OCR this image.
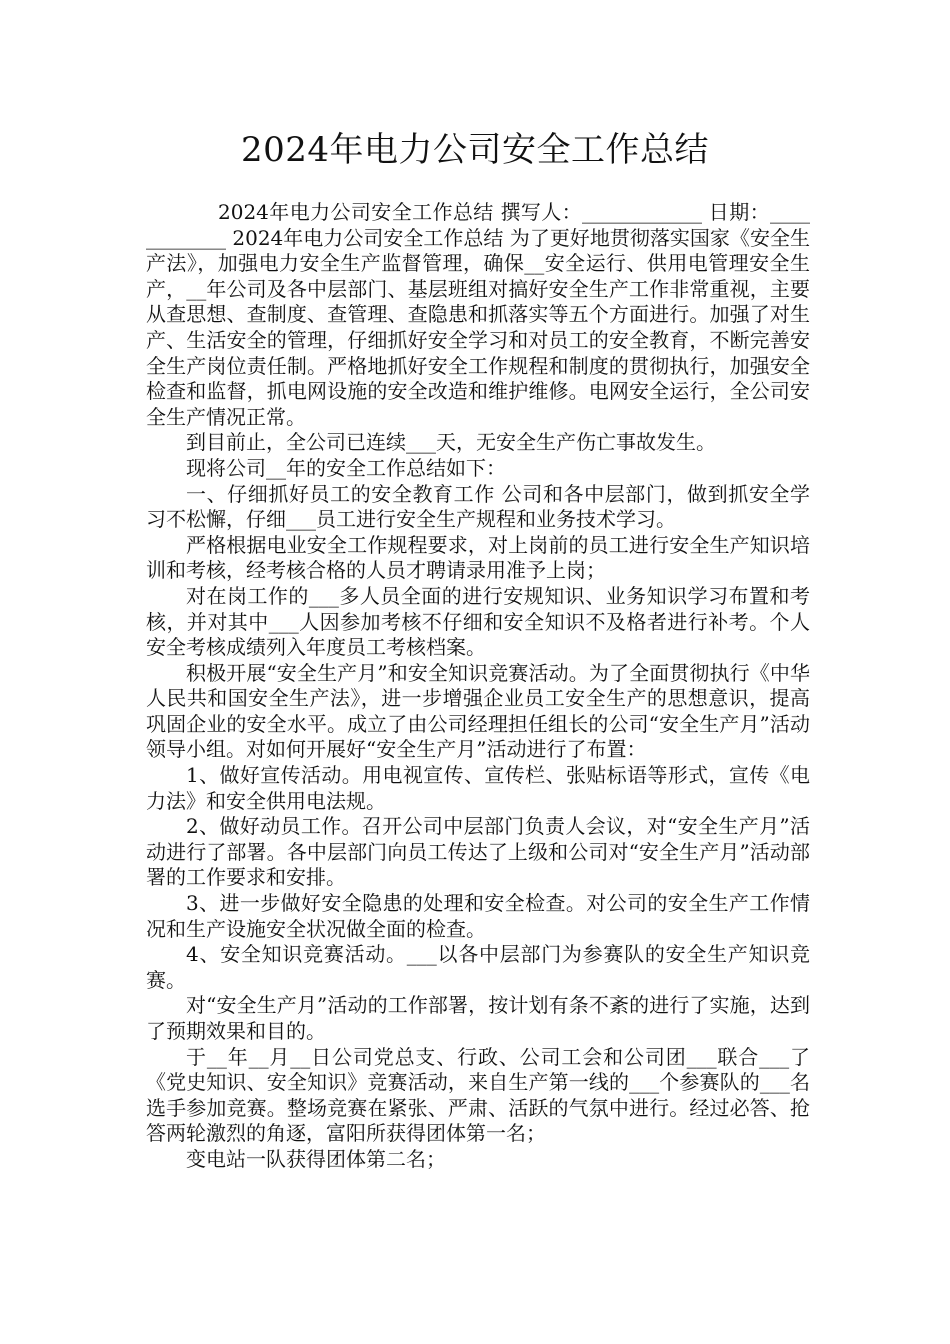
2024年电力公司安全工作总结

2024年电力公司安全工作总结 撰写人：____________ 日期：____________ 2024年电力公司安全工作总结 为了更好地贯彻落实国家《安全生产法》，加强电力安全生产监督管理，确保__安全运行、供用电管理安全生产，__年公司及各中层部门、基层班组对搞好安全生产工作非常重视，主要从查思想、查制度、查管理、查隐患和抓落实等五个方面进行。加强了对生产、生活安全的管理，仔细抓好安全学习和对员工的安全教育，不断完善安全生产岗位责任制。严格地抓好安全工作规程和制度的贯彻执行，加强安全检查和监督，抓电网设施的安全改造和维护维修。电网安全运行，全公司安全生产情况正常。

到目前止，全公司已连续___天，无安全生产伤亡事故发生。

现将公司__年的安全工作总结如下：

一、仔细抓好员工的安全教育工作 公司和各中层部门，做到抓安全学习不松懈，仔细___员工进行安全生产规程和业务技术学习。

严格根据电业安全工作规程要求，对上岗前的员工进行安全生产知识培训和考核，经考核合格的人员才聘请录用准予上岗；

对在岗工作的___多人员全面的进行安规知识、业务知识学习布置和考核，并对其中___人因参加考核不仔细和安全知识不及格者进行补考。个人安全考核成绩列入年度员工考核档案。

积极开展“安全生产月”和安全知识竞赛活动。为了全面贯彻执行《中华人民共和国安全生产法》，进一步增强企业员工安全生产的思想意识，提高巩固企业的安全水平。成立了由公司经理担任组长的公司“安全生产月”活动领导小组。对如何开展好“安全生产月”活动进行了布置：

1、做好宣传活动。用电视宣传、宣传栏、张贴标语等形式，宣传《电力法》和安全供用电法规。

2、做好动员工作。召开公司中层部门负责人会议，对“安全生产月”活动进行了部署。各中层部门向员工传达了上级和公司对“安全生产月”活动部署的工作要求和安排。

3、进一步做好安全隐患的处理和安全检查。对公司的安全生产工作情况和生产设施安全状况做全面的检查。

4、安全知识竞赛活动。___以各中层部门为参赛队的安全生产知识竞赛。

对“安全生产月”活动的工作部署，按计划有条不紊的进行了实施，达到了预期效果和目的。

于__年__月__日公司党总支、行政、公司工会和公司团___联合___了《党史知识、安全知识》竞赛活动，来自生产第一线的___个参赛队的___名选手参加竞赛。整场竞赛在紧张、严肃、活跃的气氛中进行。经过必答、抢答两轮激烈的角逐，富阳所获得团体第一名；

变电站一队获得团体第二名；
